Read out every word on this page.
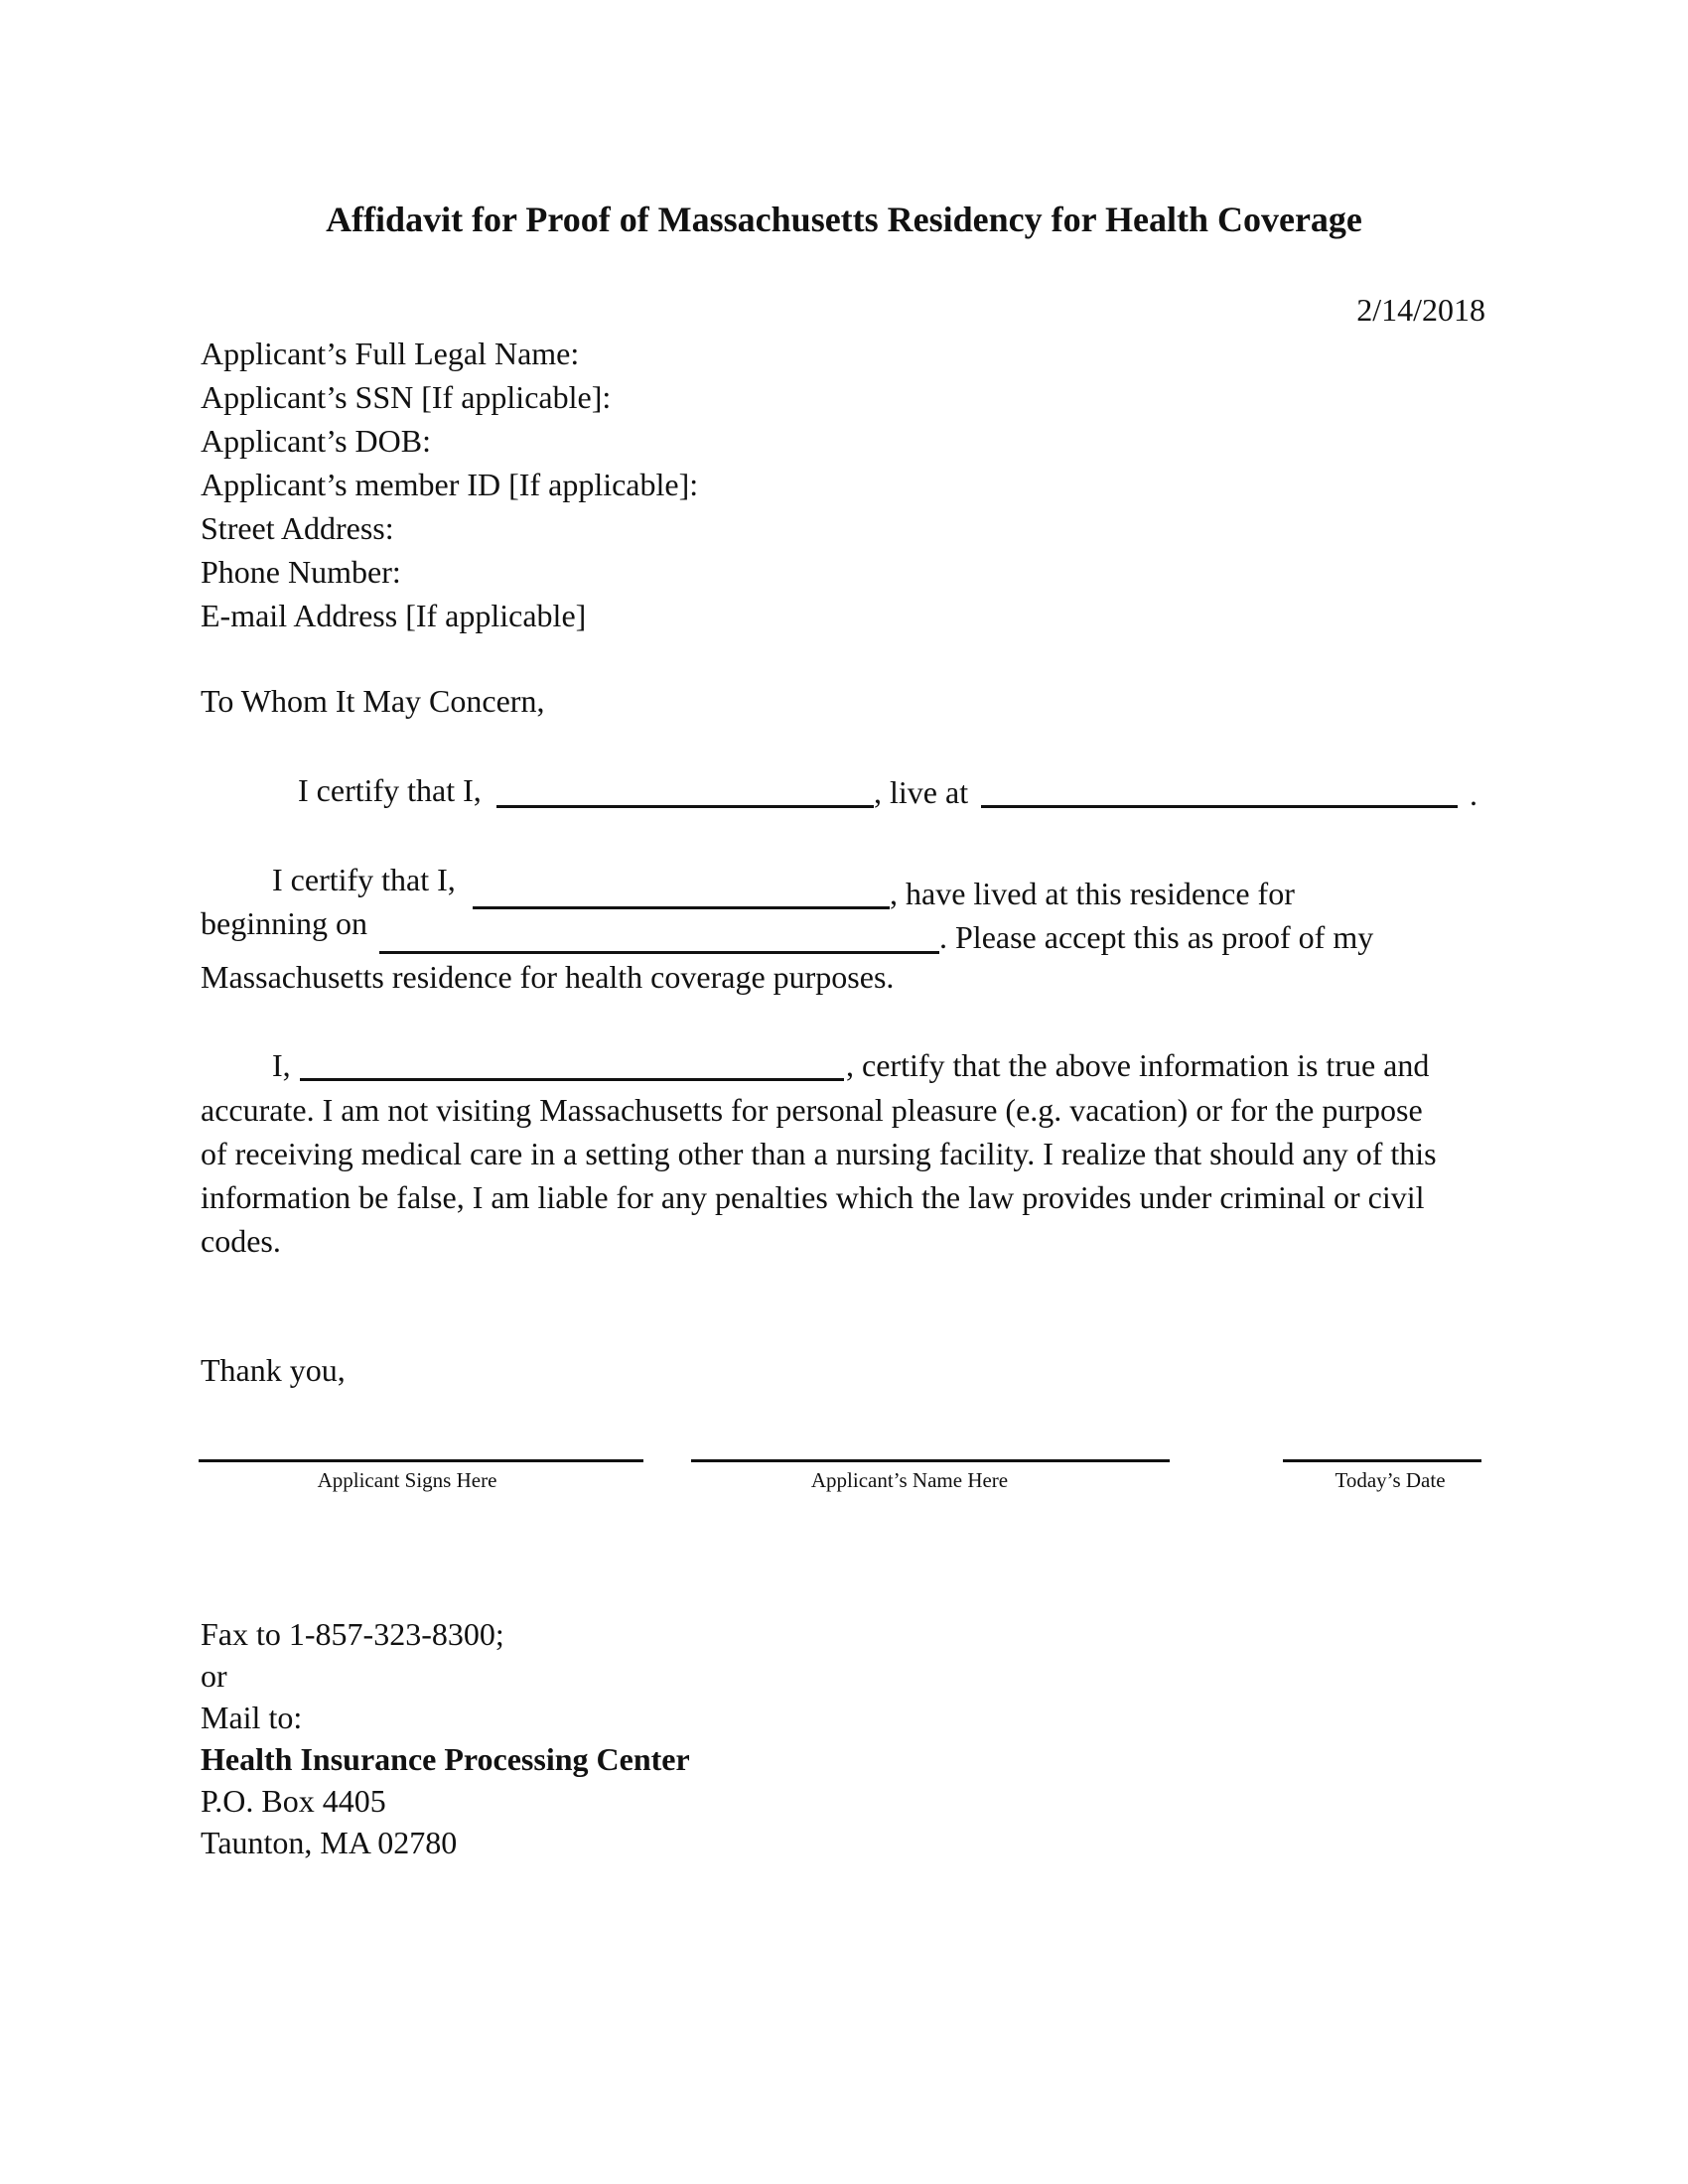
Affidavit for Proof of Massachusetts Residency for Health Coverage
2/14/2018
Applicant’s Full Legal Name:
Applicant’s SSN [If applicable]:
Applicant’s DOB:
Applicant’s member ID [If applicable]:
Street Address:
Phone Number:
E-mail Address [If applicable]
To Whom It May Concern,
I certify that I,	, live at	.
I certify that I,	, have lived at this residence for
beginning on	. Please accept this as proof of my
Massachusetts residence for health coverage purposes.
I,	, certify that the above information is true and
accurate. I am not visiting Massachusetts for personal pleasure (e.g. vacation) or for the purpose
of receiving medical care in a setting other than a nursing facility. I realize that should any of this
information be false, I am liable for any penalties which the law provides under criminal or civil
codes.
Thank you,
Applicant Signs Here	Applicant’s Name Here	Today’s Date
Fax to 1-857-323-8300;
or
Mail to:
Health Insurance Processing Center
P.O. Box 4405
Taunton, MA 02780
